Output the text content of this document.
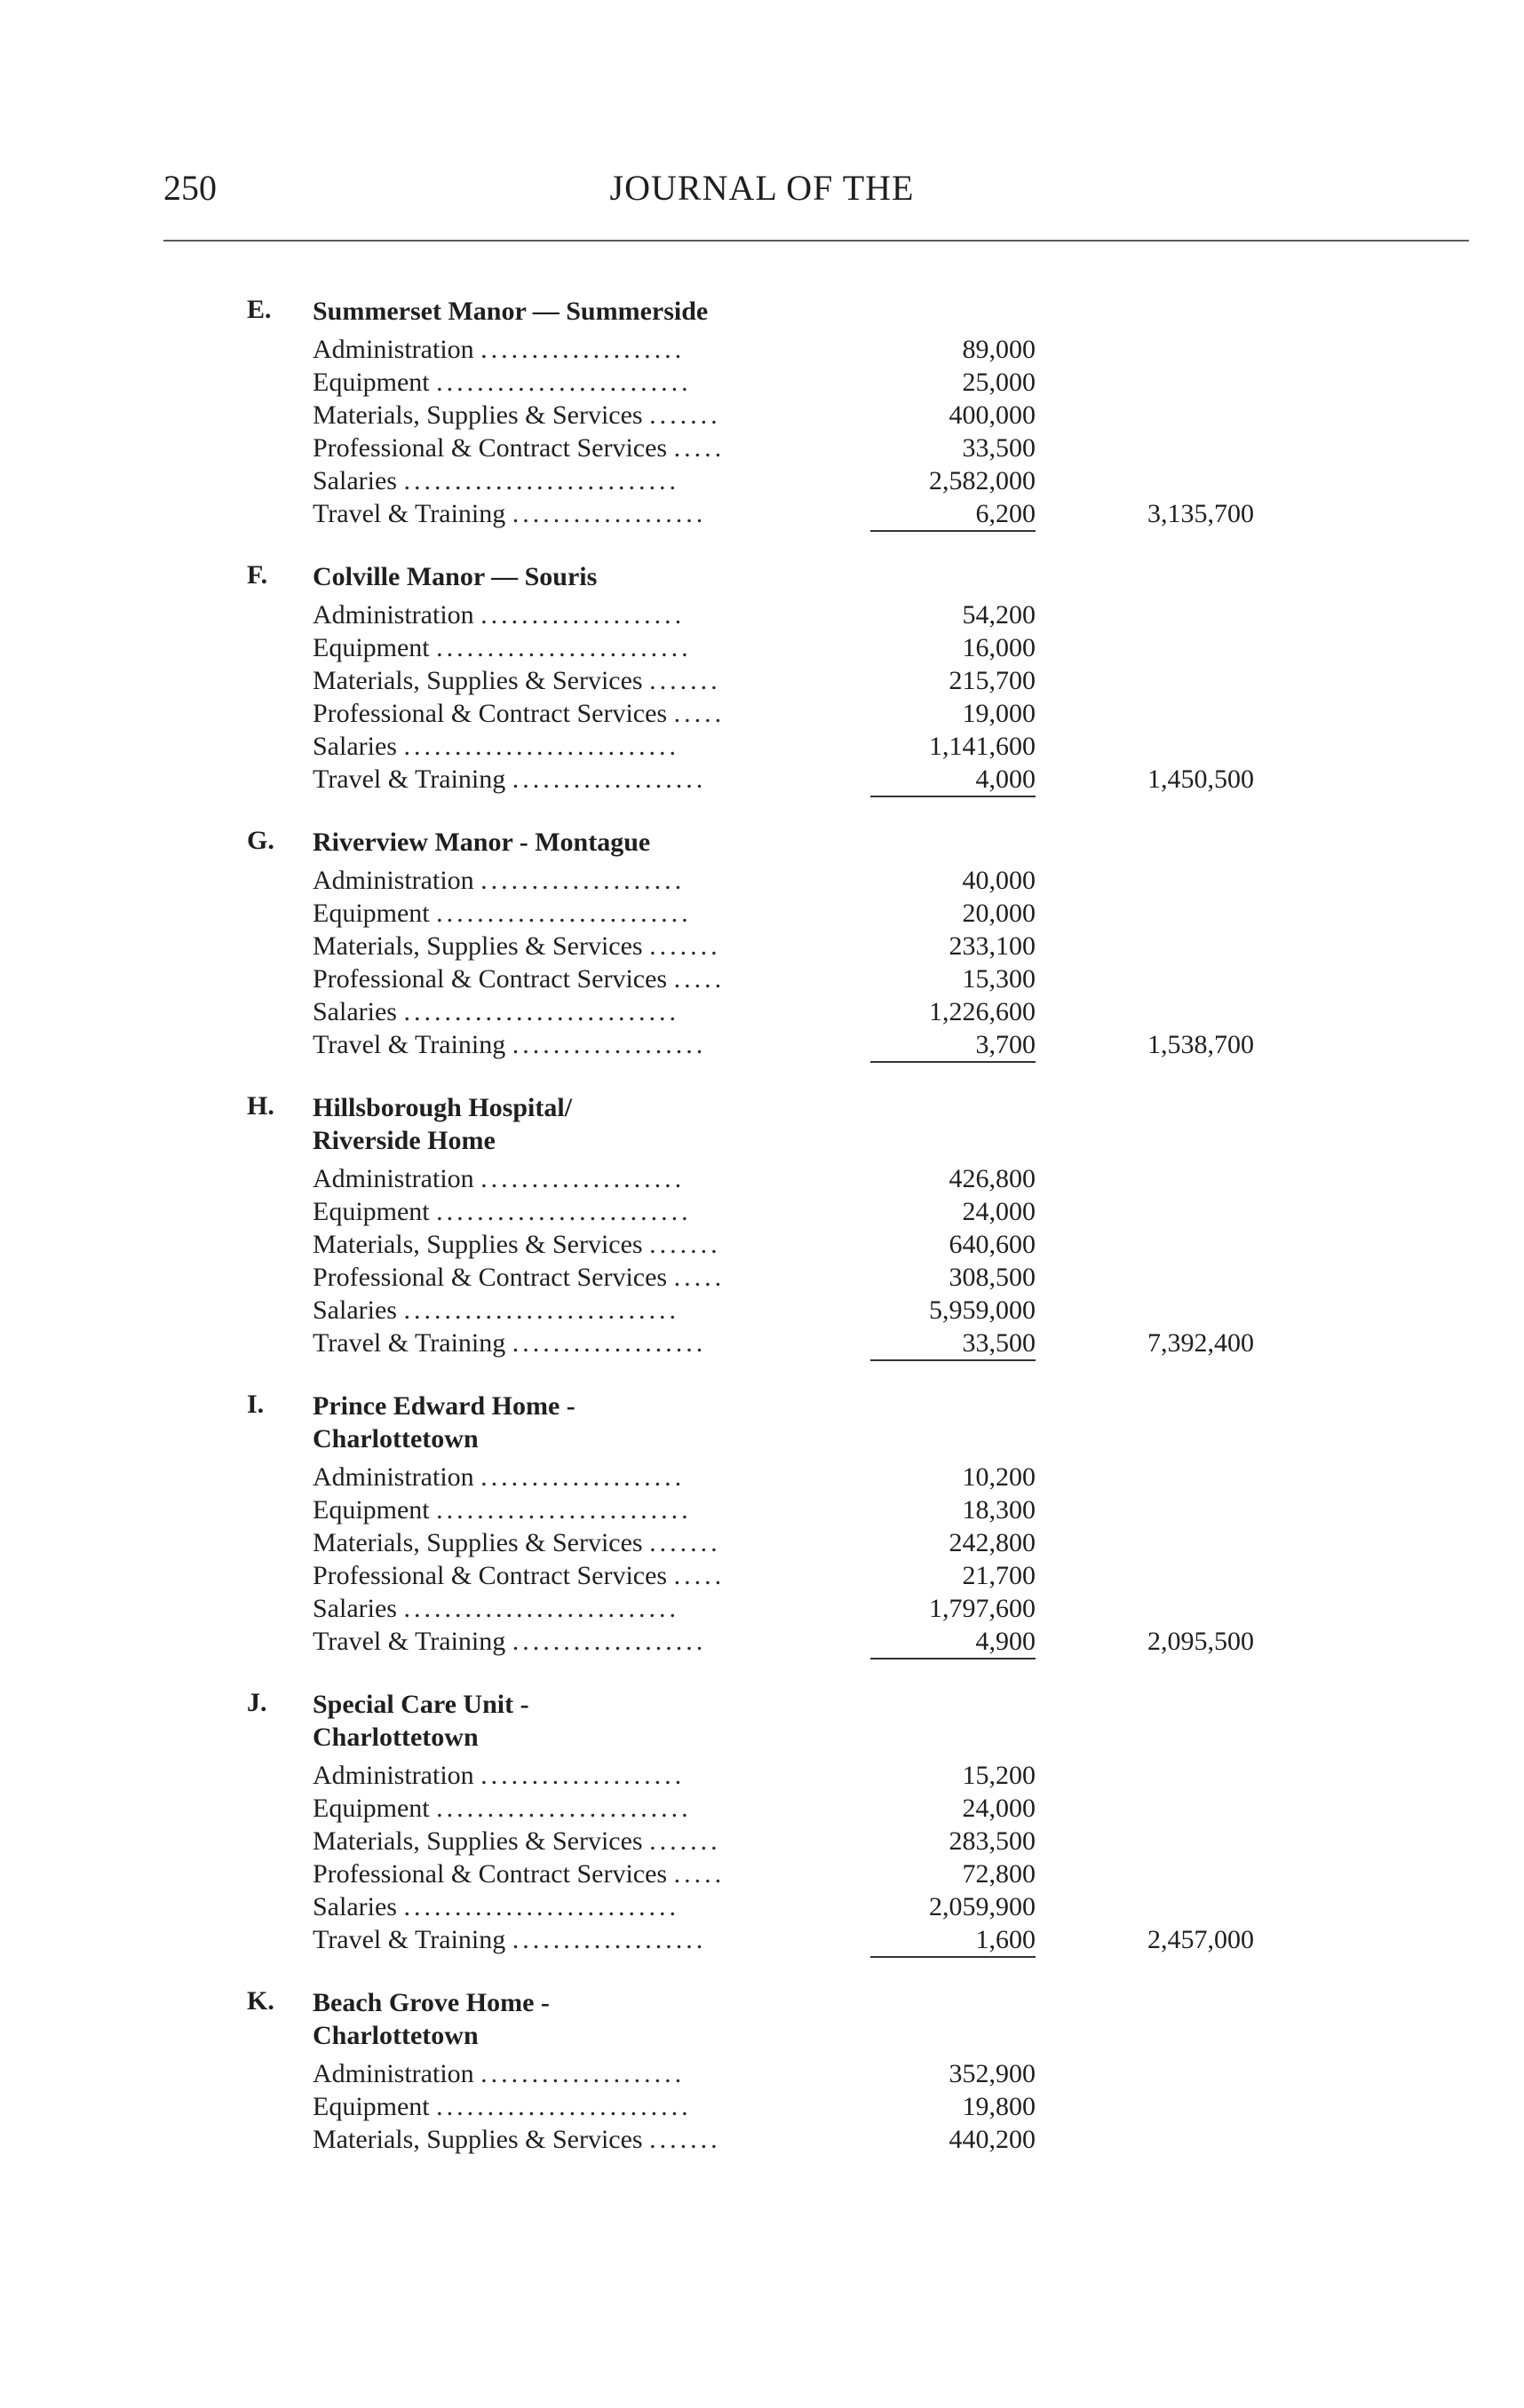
250	JOURNAL OF THE
E. Summerset Manor — Summerside
Administration ....................	89,000
Equipment .........................	25,000
Materials, Supplies & Services .......	400,000
Professional & Contract Services .....	33,500
Salaries ...........................	2,582,000
Travel & Training ...................	6,200	3,135,700
F. Colville Manor — Souris
Administration ....................	54,200
Equipment .........................	16,000
Materials, Supplies & Services .......	215,700
Professional & Contract Services .....	19,000
Salaries ...........................	1,141,600
Travel & Training ...................	4,000	1,450,500
G. Riverview Manor - Montague
Administration ....................	40,000
Equipment .........................	20,000
Materials, Supplies & Services .......	233,100
Professional & Contract Services .....	15,300
Salaries ...........................	1,226,600
Travel & Training ...................	3,700	1,538,700
H. Hillsborough Hospital/
Riverside Home
Administration ....................	426,800
Equipment .........................	24,000
Materials, Supplies & Services .......	640,600
Professional & Contract Services .....	308,500
Salaries ...........................	5,959,000
Travel & Training ...................	33,500	7,392,400
I. Prince Edward Home -
Charlottetown
Administration ....................	10,200
Equipment .........................	18,300
Materials, Supplies & Services .......	242,800
Professional & Contract Services .....	21,700
Salaries ...........................	1,797,600
Travel & Training ...................	4,900	2,095,500
J. Special Care Unit -
Charlottetown
Administration ....................	15,200
Equipment .........................	24,000
Materials, Supplies & Services .......	283,500
Professional & Contract Services .....	72,800
Salaries ...........................	2,059,900
Travel & Training ...................	1,600	2,457,000
K. Beach Grove Home -
Charlottetown
Administration ....................	352,900
Equipment .........................	19,800
Materials, Supplies & Services .......	440,200
